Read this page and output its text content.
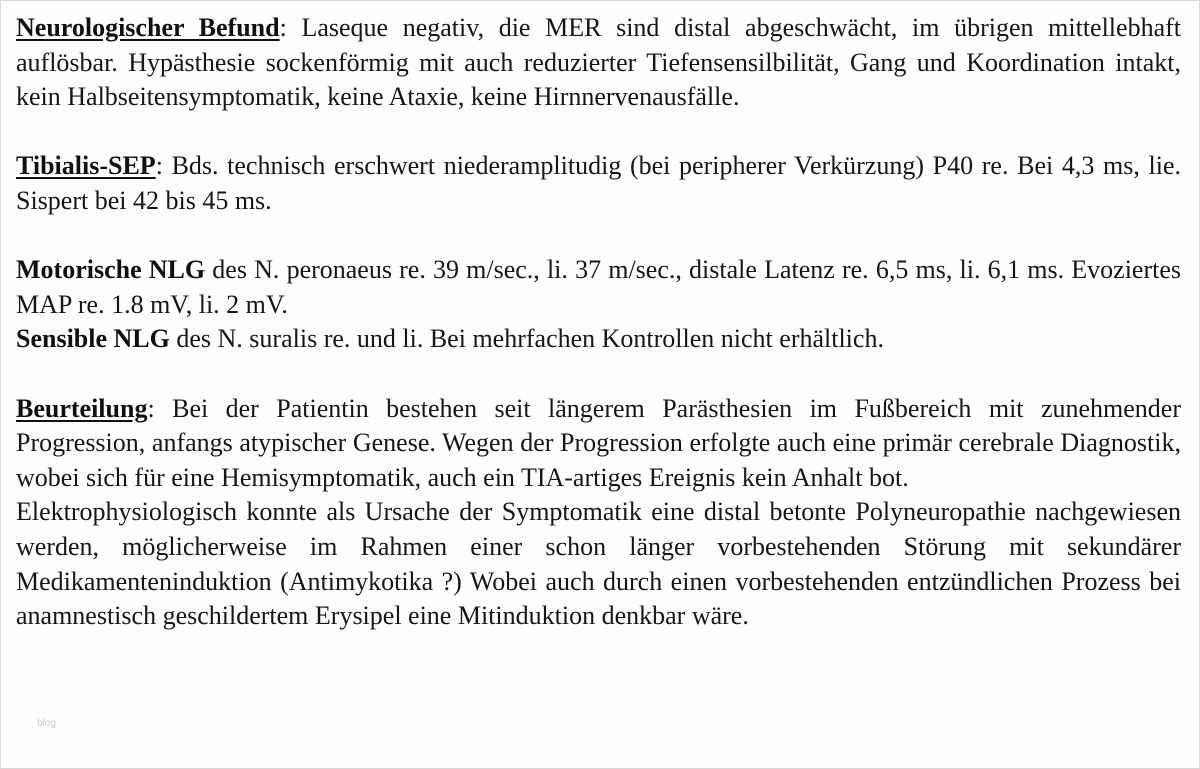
Neurologischer Befund: Laseque negativ, die MER sind distal abgeschwächt, im übrigen mittellebhaft auflösbar. Hypästhesie sockenförmig mit auch reduzierter Tiefensensilbilität, Gang und Koordination intakt, kein Halbseitensymptomatik, keine Ataxie, keine Hirnnervenausfälle.

Tibialis-SEP: Bds. technisch erschwert niederamplitudig (bei peripherer Verkürzung) P40 re. Bei 4,3 ms, lie. Sispert bei 42 bis 45 ms.

Motorische NLG des N. peronaeus re. 39 m/sec., li. 37 m/sec., distale Latenz re. 6,5 ms, li. 6,1 ms. Evoziertes MAP re. 1.8 mV, li. 2 mV.

Sensible NLG des N. suralis re. und li. Bei mehrfachen Kontrollen nicht erhältlich.

Beurteilung: Bei der Patientin bestehen seit längerem Parästhesien im Fußbereich mit zunehmender Progression, anfangs atypischer Genese. Wegen der Progression erfolgte auch eine primär cerebrale Diagnostik, wobei sich für eine Hemisymptomatik, auch ein TIA-artiges Ereignis kein Anhalt bot.

Elektrophysiologisch konnte als Ursache der Symptomatik eine distal betonte Polyneuropathie nachgewiesen werden, möglicherweise im Rahmen einer schon länger vorbestehenden Störung mit sekundärer Medikamenteninduktion (Antimykotika ?) Wobei auch durch einen vorbestehenden entzündlichen Prozess bei anamnestisch geschildertem Erysipel eine Mitinduktion denkbar wäre.

blog
